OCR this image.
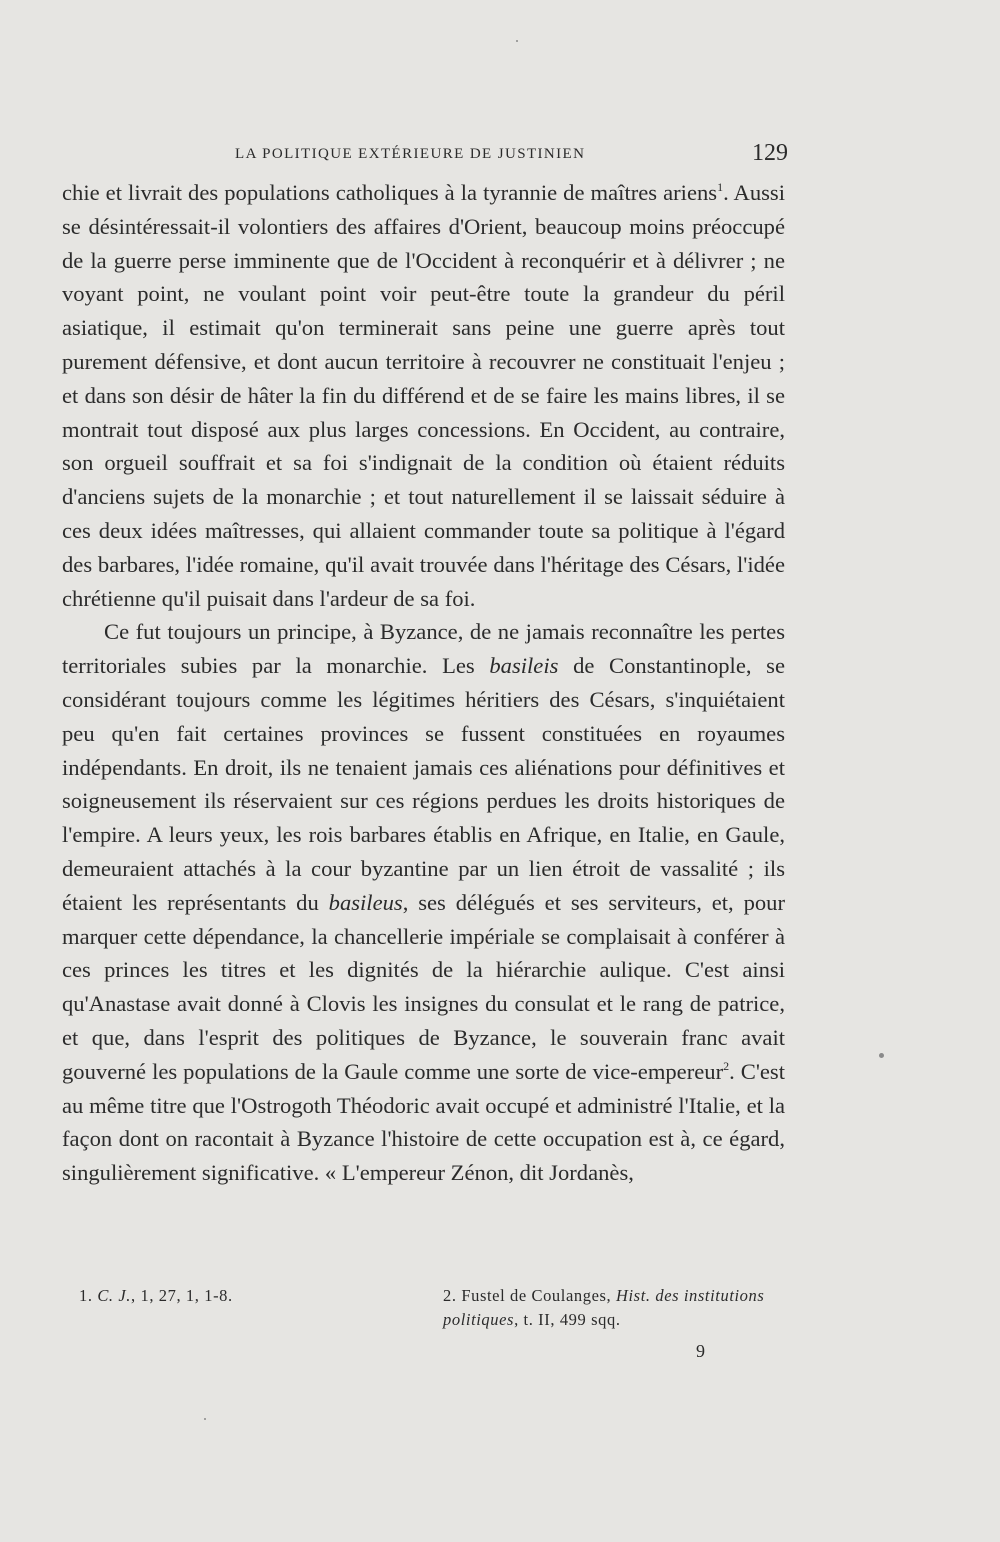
LA POLITIQUE EXTÉRIEURE DE JUSTINIEN	129

chie et livrait des populations catholiques à la tyrannie de maîtres ariens$^1$. Aussi se désintéressait-il volontiers des affaires d'Orient, beaucoup moins préoccupé de la guerre perse imminente que de l'Occident à reconquérir et à délivrer ; ne voyant point, ne voulant point voir peut-être toute la grandeur du péril asiatique, il estimait qu'on terminerait sans peine une guerre après tout purement défensive, et dont aucun territoire à recouvrer ne constituait l'enjeu ; et dans son désir de hâter la fin du différend et de se faire les mains libres, il se montrait tout disposé aux plus larges concessions. En Occident, au contraire, son orgueil souffrait et sa foi s'indignait de la condition où étaient réduits d'anciens sujets de la monarchie ; et tout naturellement il se laissait séduire à ces deux idées maîtresses, qui allaient commander toute sa politique à l'égard des barbares, l'idée romaine, qu'il avait trouvée dans l'héritage des Césars, l'idée chrétienne qu'il puisait dans l'ardeur de sa foi.

Ce fut toujours un principe, à Byzance, de ne jamais reconnaître les pertes territoriales subies par la monarchie. Les basileis de Constantinople, se considérant toujours comme les légitimes héritiers des Césars, s'inquiétaient peu qu'en fait certaines provinces se fussent constituées en royaumes indépendants. En droit, ils ne tenaient jamais ces aliénations pour définitives et soigneusement ils réservaient sur ces régions perdues les droits historiques de l'empire. A leurs yeux, les rois barbares établis en Afrique, en Italie, en Gaule, demeuraient attachés à la cour byzantine par un lien étroit de vassalité ; ils étaient les représentants du basileus, ses délégués et ses serviteurs, et, pour marquer cette dépendance, la chancellerie impériale se complaisait à conférer à ces princes les titres et les dignités de la hiérarchie aulique. C'est ainsi qu'Anastase avait donné à Clovis les insignes du consulat et le rang de patrice, et que, dans l'esprit des politiques de Byzance, le souverain franc avait gouverné les populations de la Gaule comme une sorte de vice-empereur$^2$. C'est au même titre que l'Ostrogoth Théodoric avait occupé et administré l'Italie, et la façon dont on racontait à Byzance l'histoire de cette occupation est à, ce égard, singulièrement significative. « L'empereur Zénon, dit Jordanès,

1. C. J., 1, 27, 1, 1-8.	2. Fustel de Coulanges, Hist. des institutions politiques, t. II, 499 sqq.
9
